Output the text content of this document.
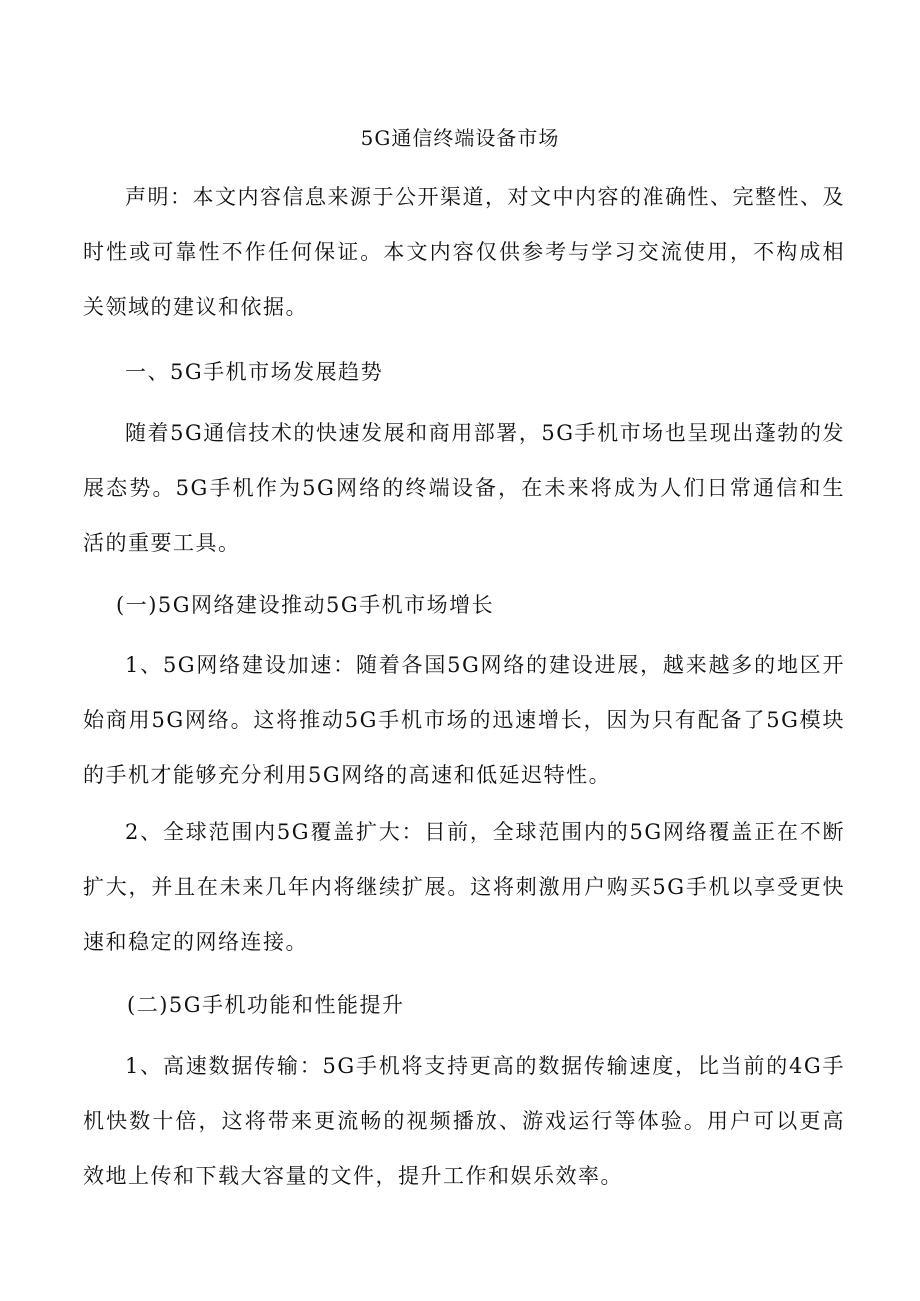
5G通信终端设备市场

声明：本文内容信息来源于公开渠道，对文中内容的准确性、完整性、及时性或可靠性不作任何保证。本文内容仅供参考与学习交流使用，不构成相关领域的建议和依据。

一、5G手机市场发展趋势

随着5G通信技术的快速发展和商用部署，5G手机市场也呈现出蓬勃的发展态势。5G手机作为5G网络的终端设备，在未来将成为人们日常通信和生活的重要工具。

(一)5G网络建设推动5G手机市场增长

1、5G网络建设加速：随着各国5G网络的建设进展，越来越多的地区开始商用5G网络。这将推动5G手机市场的迅速增长，因为只有配备了5G模块的手机才能够充分利用5G网络的高速和低延迟特性。

2、全球范围内5G覆盖扩大：目前，全球范围内的5G网络覆盖正在不断扩大，并且在未来几年内将继续扩展。这将刺激用户购买5G手机以享受更快速和稳定的网络连接。

(二)5G手机功能和性能提升

1、高速数据传输：5G手机将支持更高的数据传输速度，比当前的4G手机快数十倍，这将带来更流畅的视频播放、游戏运行等体验。用户可以更高效地上传和下载大容量的文件，提升工作和娱乐效率。
